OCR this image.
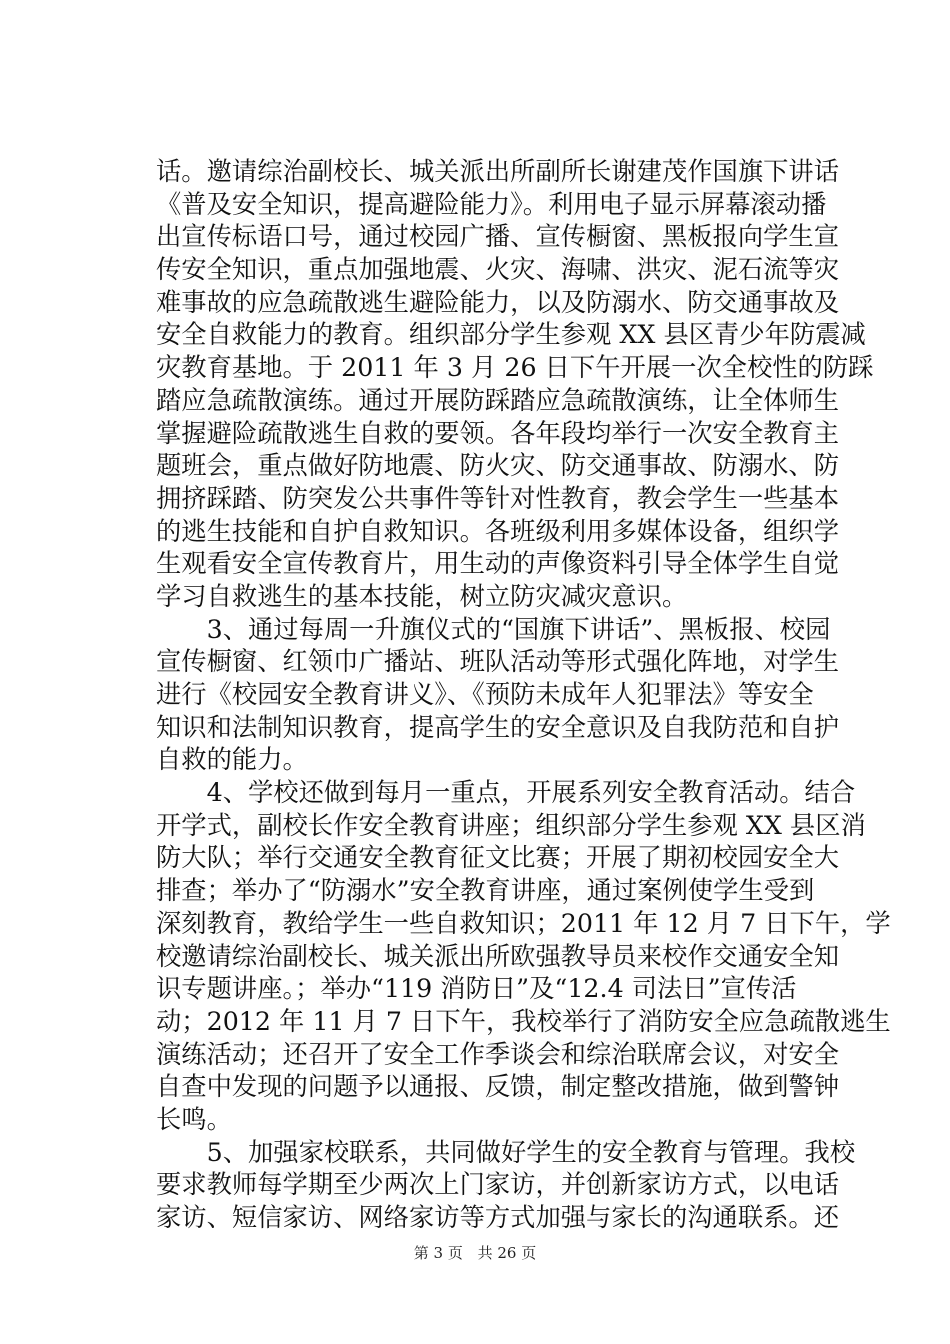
话。邀请综治副校长、城关派出所副所长谢建茂作国旗下讲话
《普及安全知识，提高避险能力》。利用电子显示屏幕滚动播
出宣传标语口号，通过校园广播、宣传橱窗、黑板报向学生宣
传安全知识，重点加强地震、火灾、海啸、洪灾、泥石流等灾
难事故的应急疏散逃生避险能力，以及防溺水、防交通事故及
安全自救能力的教育。组织部分学生参观 XX 县区青少年防震减
灾教育基地。于 2011 年 3 月 26 日下午开展一次全校性的防踩
踏应急疏散演练。通过开展防踩踏应急疏散演练，让全体师生
掌握避险疏散逃生自救的要领。各年段均举行一次安全教育主
题班会，重点做好防地震、防火灾、防交通事故、防溺水、防
拥挤踩踏、防突发公共事件等针对性教育，教会学生一些基本
的逃生技能和自护自救知识。各班级利用多媒体设备，组织学
生观看安全宣传教育片，用生动的声像资料引导全体学生自觉
学习自救逃生的基本技能，树立防灾减灾意识。
　　3、通过每周一升旗仪式的“国旗下讲话”、黑板报、校园
宣传橱窗、红领巾广播站、班队活动等形式强化阵地，对学生
进行《校园安全教育讲义》、《预防未成年人犯罪法》等安全
知识和法制知识教育，提高学生的安全意识及自我防范和自护
自救的能力。
　　4、学校还做到每月一重点，开展系列安全教育活动。结合
开学式，副校长作安全教育讲座；组织部分学生参观 XX 县区消
防大队；举行交通安全教育征文比赛；开展了期初校园安全大
排查；举办了“防溺水”安全教育讲座，通过案例使学生受到
深刻教育，教给学生一些自救知识；2011 年 12 月 7 日下午，学
校邀请综治副校长、城关派出所欧强教导员来校作交通安全知
识专题讲座。；举办“119 消防日”及“12.4 司法日”宣传活
动；2012 年 11 月 7 日下午，我校举行了消防安全应急疏散逃生
演练活动；还召开了安全工作季谈会和综治联席会议，对安全
自查中发现的问题予以通报、反馈，制定整改措施，做到警钟
长鸣。
　　5、加强家校联系，共同做好学生的安全教育与管理。我校
要求教师每学期至少两次上门家访，并创新家访方式，以电话
家访、短信家访、网络家访等方式加强与家长的沟通联系。还
第 3 页 共 26 页
